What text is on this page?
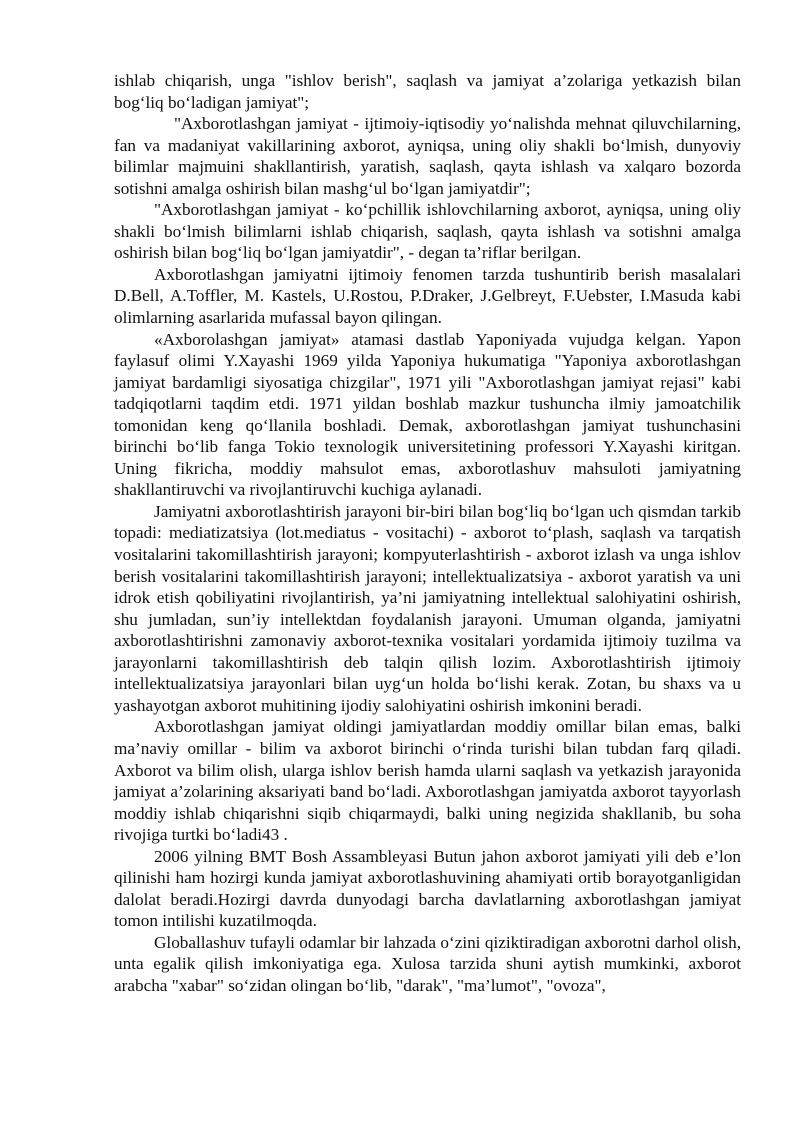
ishlab chiqarish, unga "ishlov berish", saqlash va jamiyat a’zolariga yetkazish bilan bog‘liq bo‘ladigan jamiyat";

"Axborotlashgan jamiyat - ijtimoiy-iqtisodiy yo‘nalishda mehnat qiluvchilarning, fan va madaniyat vakillarining axborot, ayniqsa, uning oliy shakli bo‘lmish, dunyoviy bilimlar majmuini shakllantirish, yaratish, saqlash, qayta ishlash va xalqaro bozorda sotishni amalga oshirish bilan mashg‘ul bo‘lgan jamiyatdir";

"Axborotlashgan jamiyat - ko‘pchillik ishlovchilarning axborot, ayniqsa, uning oliy shakli bo‘lmish bilimlarni ishlab chiqarish, saqlash, qayta ishlash va sotishni amalga oshirish bilan bog‘liq bo‘lgan jamiyatdir", - degan ta’riflar berilgan.

Axborotlashgan jamiyatni ijtimoiy fenomen tarzda tushuntirib berish masalalari D.Bell, A.Toffler, M. Kastels, U.Rostou, P.Draker, J.Gelbreyt, F.Uebster, I.Masuda kabi olimlarning asarlarida mufassal bayon qilingan.

«Axborolashgan jamiyat» atamasi dastlab Yaponiyada vujudga kelgan. Yapon faylasuf olimi Y.Xayashi 1969 yilda Yaponiya hukumatiga "Yaponiya axborotlashgan jamiyat bardamligi siyosatiga chizgilar", 1971 yili "Axborotlashgan jamiyat rejasi" kabi tadqiqotlarni taqdim etdi. 1971 yildan boshlab mazkur tushuncha ilmiy jamoatchilik tomonidan keng qo‘llanila boshladi. Demak, axborotlashgan jamiyat tushunchasini birinchi bo‘lib fanga Tokio texnologik universitetining professori Y.Xayashi kiritgan. Uning fikricha, moddiy mahsulot emas, axborotlashuv mahsuloti jamiyatning shakllantiruvchi va rivojlantiruvchi kuchiga aylanadi.

Jamiyatni axborotlashtirish jarayoni bir-biri bilan bog‘liq bo‘lgan uch qismdan tarkib topadi: mediatizatsiya (lot.mediatus - vositachi) - axborot to‘plash, saqlash va tarqatish vositalarini takomillashtirish jarayoni; kompyuterlashtirish - axborot izlash va unga ishlov berish vositalarini takomillashtirish jarayoni; intellektualizatsiya - axborot yaratish va uni idrok etish qobiliyatini rivojlantirish, ya’ni jamiyatning intellektual salohiyatini oshirish, shu jumladan, sun’iy intellektdan foydalanish jarayoni. Umuman olganda, jamiyatni axborotlashtirishni zamonaviy axborot-texnika vositalari yordamida ijtimoiy tuzilma va jarayonlarni takomillashtirish deb talqin qilish lozim. Axborotlashtirish ijtimoiy intellektualizatsiya jarayonlari bilan uyg‘un holda bo‘lishi kerak. Zotan, bu shaxs va u yashayotgan axborot muhitining ijodiy salohiyatini oshirish imkonini beradi.

Axborotlashgan jamiyat oldingi jamiyatlardan moddiy omillar bilan emas, balki ma’naviy omillar - bilim va axborot birinchi o‘rinda turishi bilan tubdan farq qiladi. Axborot va bilim olish, ularga ishlov berish hamda ularni saqlash va yetkazish jarayonida jamiyat a’zolarining aksariyati band bo‘ladi. Axborotlashgan jamiyatda axborot tayyorlash moddiy ishlab chiqarishni siqib chiqarmaydi, balki uning negizida shakllanib, bu soha rivojiga turtki bo‘ladi43 .

2006 yilning BMT Bosh Assambleyasi Butun jahon axborot jamiyati yili deb e’lon qilinishi ham hozirgi kunda jamiyat axborotlashuvining ahamiyati ortib borayotganligidan dalolat beradi.Hozirgi davrda dunyodagi barcha davlatlarning axborotlashgan jamiyat tomon intilishi kuzatilmoqda.

Globallashuv tufayli odamlar bir lahzada o‘zini qiziktiradigan axborotni darhol olish, unta egalik qilish imkoniyatiga ega. Xulosa tarzida shuni aytish mumkinki, axborot arabcha "xabar" so‘zidan olingan bo‘lib, "darak", "ma’lumot", "ovoza",
